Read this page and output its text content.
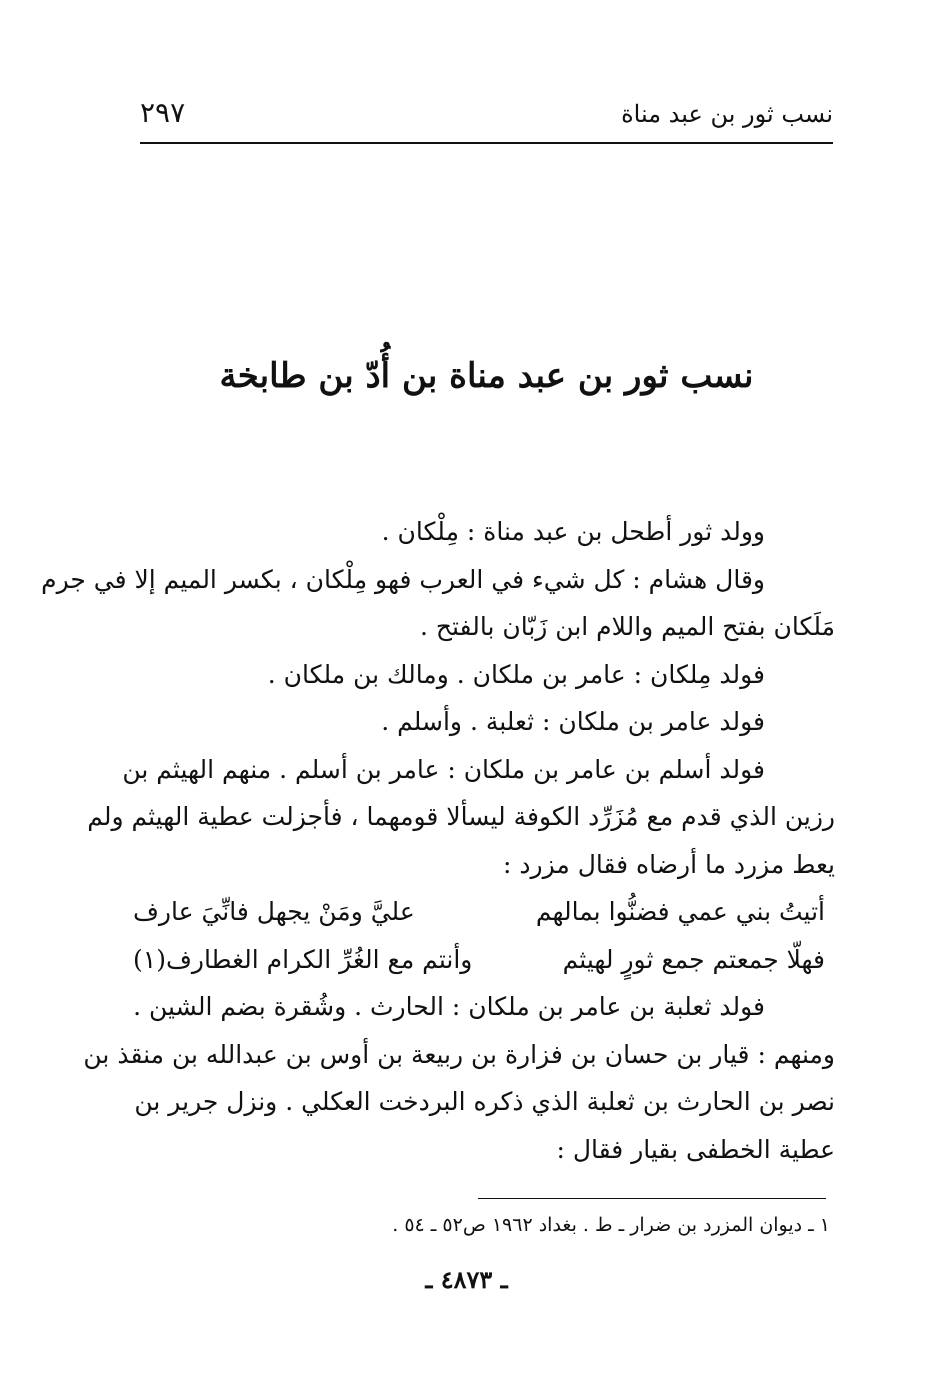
نسب ثور بن عبد مناة
٢٩٧
نسب ثور بن عبد مناة بن أُدّ بن طابخة
وولد ثور أطحل بن عبد مناة : مِلْكان .
وقال هشام : كل شيء في العرب فهو مِلْكان ، بكسر الميم إلا في جرم
مَلَكان بفتح الميم واللام ابن زَبّان بالفتح .
فولد مِلكان : عامر بن ملكان . ومالك بن ملكان .
فولد عامر بن ملكان : ثعلبة . وأسلم .
فولد أسلم بن عامر بن ملكان : عامر بن أسلم . منهم الهيثم بن
رزين الذي قدم مع مُزَرِّد الكوفة ليسألا قومهما ، فأجزلت عطية الهيثم ولم
يعط مزرد ما أرضاه فقال مزرد :
أتيتُ بني عمي فضنُّوا بمالهم
عليَّ ومَنْ يجهل فانِّيَ عارف
فهلّا جمعتم جمع ثورٍ لهيثم
وأنتم مع الغُرِّ الكرام الغطارف(١)
فولد ثعلبة بن عامر بن ملكان : الحارث . وشُقرة بضم الشين .
ومنهم : قيار بن حسان بن فزارة بن ربيعة بن أوس بن عبدالله بن منقذ بن
نصر بن الحارث بن ثعلبة الذي ذكره البردخت العكلي . ونزل جرير بن
عطية الخطفى بقيار فقال :
١ ـ ديوان المزرد بن ضرار ـ ط . بغداد ١٩٦٢ ص٥٢ ـ ٥٤ .
ـ ٤٨٧٣ ـ
